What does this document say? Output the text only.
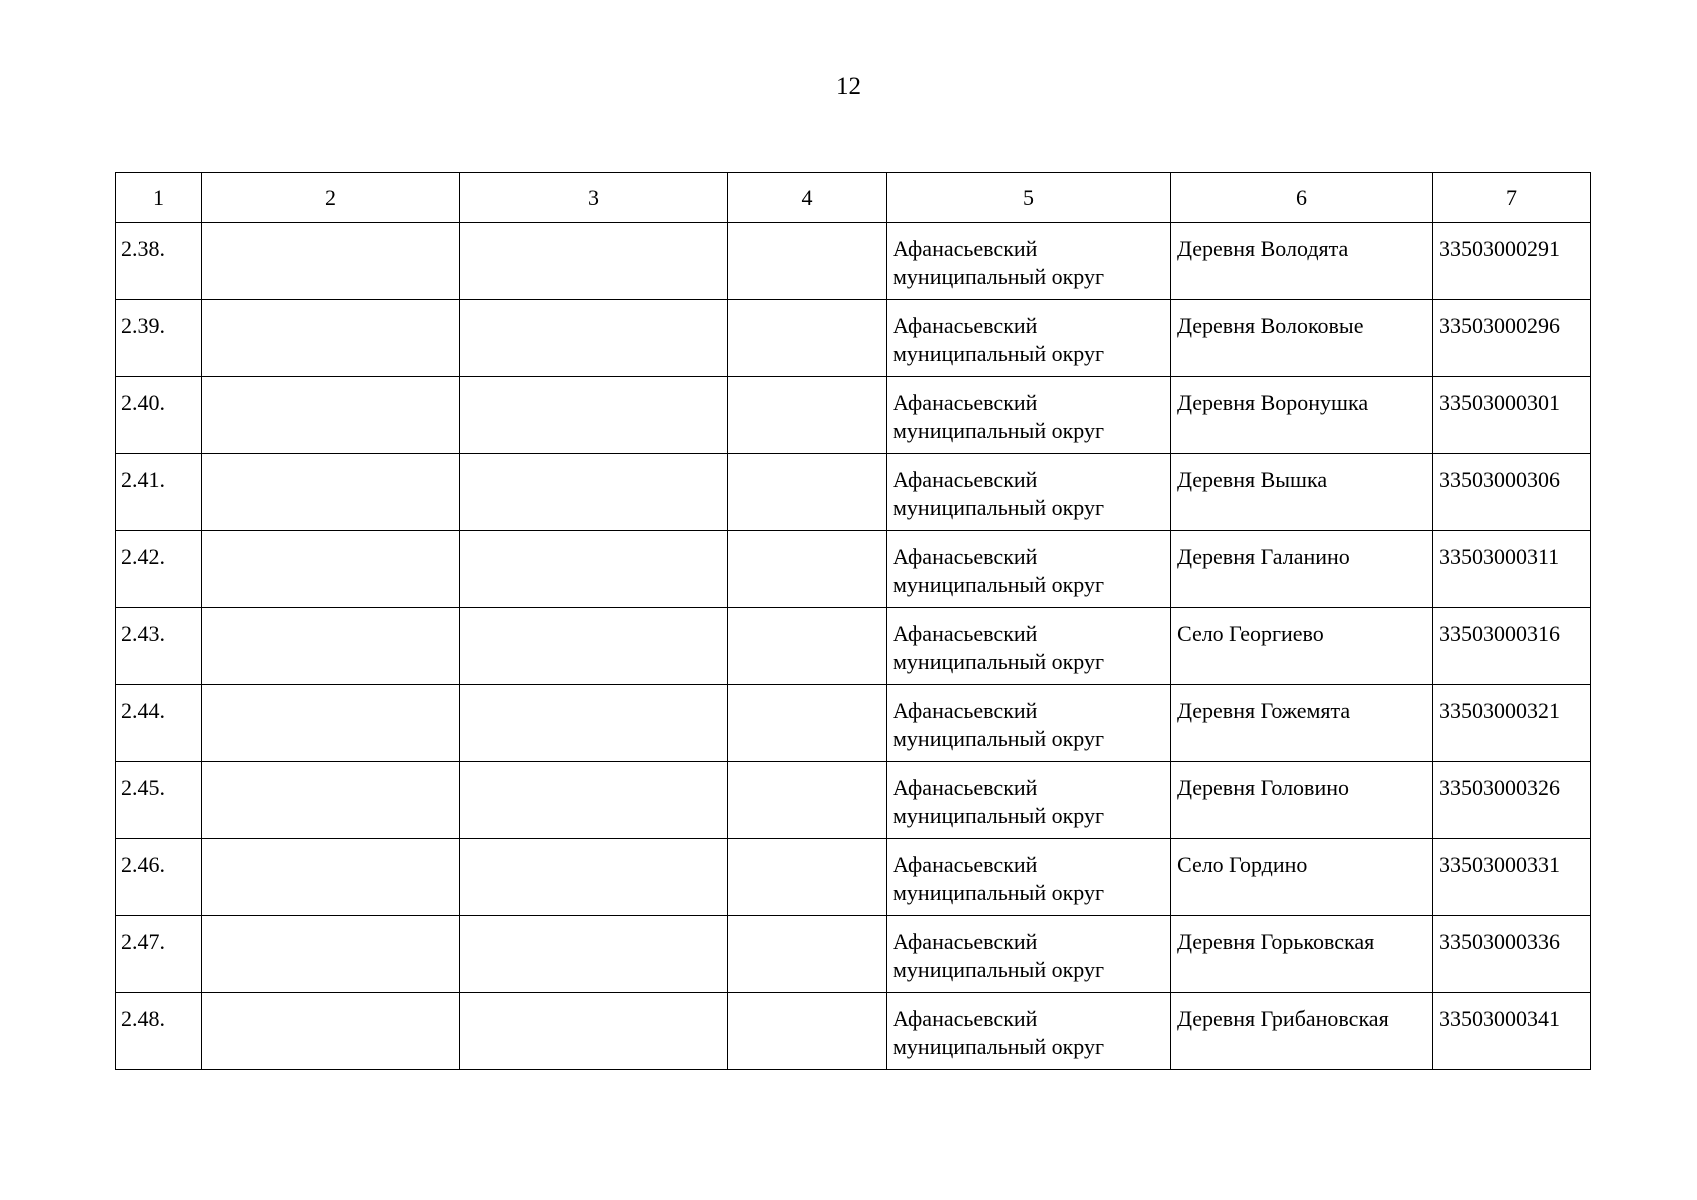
12
1	2	3	4	5	6	7
2.38.				Афанасьевский
муниципальный округ	Деревня Володята	33503000291
2.39.				Афанасьевский
муниципальный округ	Деревня Волоковые	33503000296
2.40.				Афанасьевский
муниципальный округ	Деревня Воронушка	33503000301
2.41.				Афанасьевский
муниципальный округ	Деревня Вышка	33503000306
2.42.				Афанасьевский
муниципальный округ	Деревня Галанино	33503000311
2.43.				Афанасьевский
муниципальный округ	Село Георгиево	33503000316
2.44.				Афанасьевский
муниципальный округ	Деревня Гожемята	33503000321
2.45.				Афанасьевский
муниципальный округ	Деревня Головино	33503000326
2.46.				Афанасьевский
муниципальный округ	Село Гордино	33503000331
2.47.				Афанасьевский
муниципальный округ	Деревня Горьковская	33503000336
2.48.				Афанасьевский
муниципальный округ	Деревня Грибановская	33503000341
